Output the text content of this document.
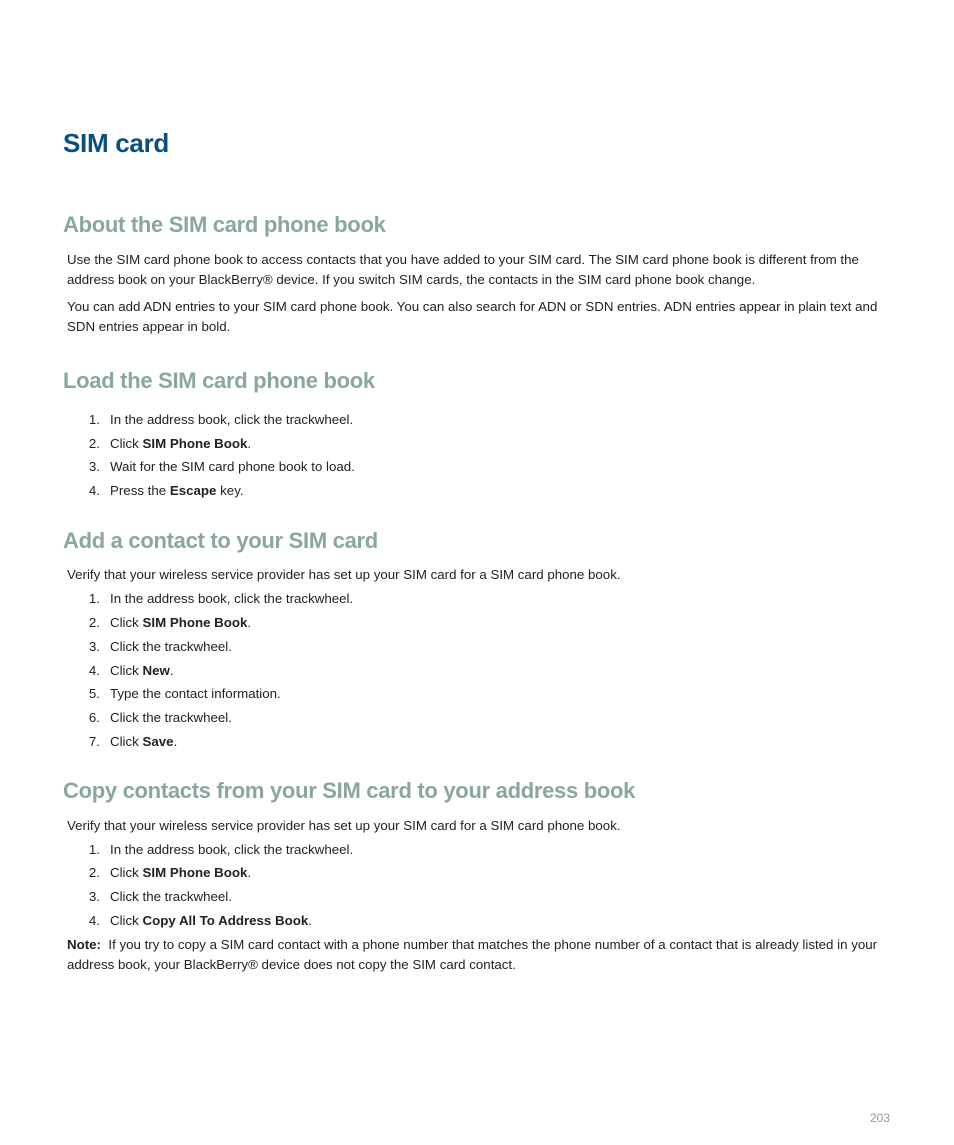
SIM card
About the SIM card phone book

Use the SIM card phone book to access contacts that you have added to your SIM card. The SIM card phone book is different from the address book on your BlackBerry® device. If you switch SIM cards, the contacts in the SIM card phone book change.

You can add ADN entries to your SIM card phone book. You can also search for ADN or SDN entries. ADN entries appear in plain text and SDN entries appear in bold.

Load the SIM card phone book
1. In the address book, click the trackwheel.
2. Click SIM Phone Book.
3. Wait for the SIM card phone book to load.
4. Press the Escape key.
Add a contact to your SIM card

Verify that your wireless service provider has set up your SIM card for a SIM card phone book.

1. In the address book, click the trackwheel.
2. Click SIM Phone Book.
3. Click the trackwheel.
4. Click New.
5. Type the contact information.
6. Click the trackwheel.
7. Click Save.
Copy contacts from your SIM card to your address book

Verify that your wireless service provider has set up your SIM card for a SIM card phone book.

1. In the address book, click the trackwheel.
2. Click SIM Phone Book.
3. Click the trackwheel.
4. Click Copy All To Address Book.

Note: If you try to copy a SIM card contact with a phone number that matches the phone number of a contact that is already listed in your address book, your BlackBerry® device does not copy the SIM card contact.

203
